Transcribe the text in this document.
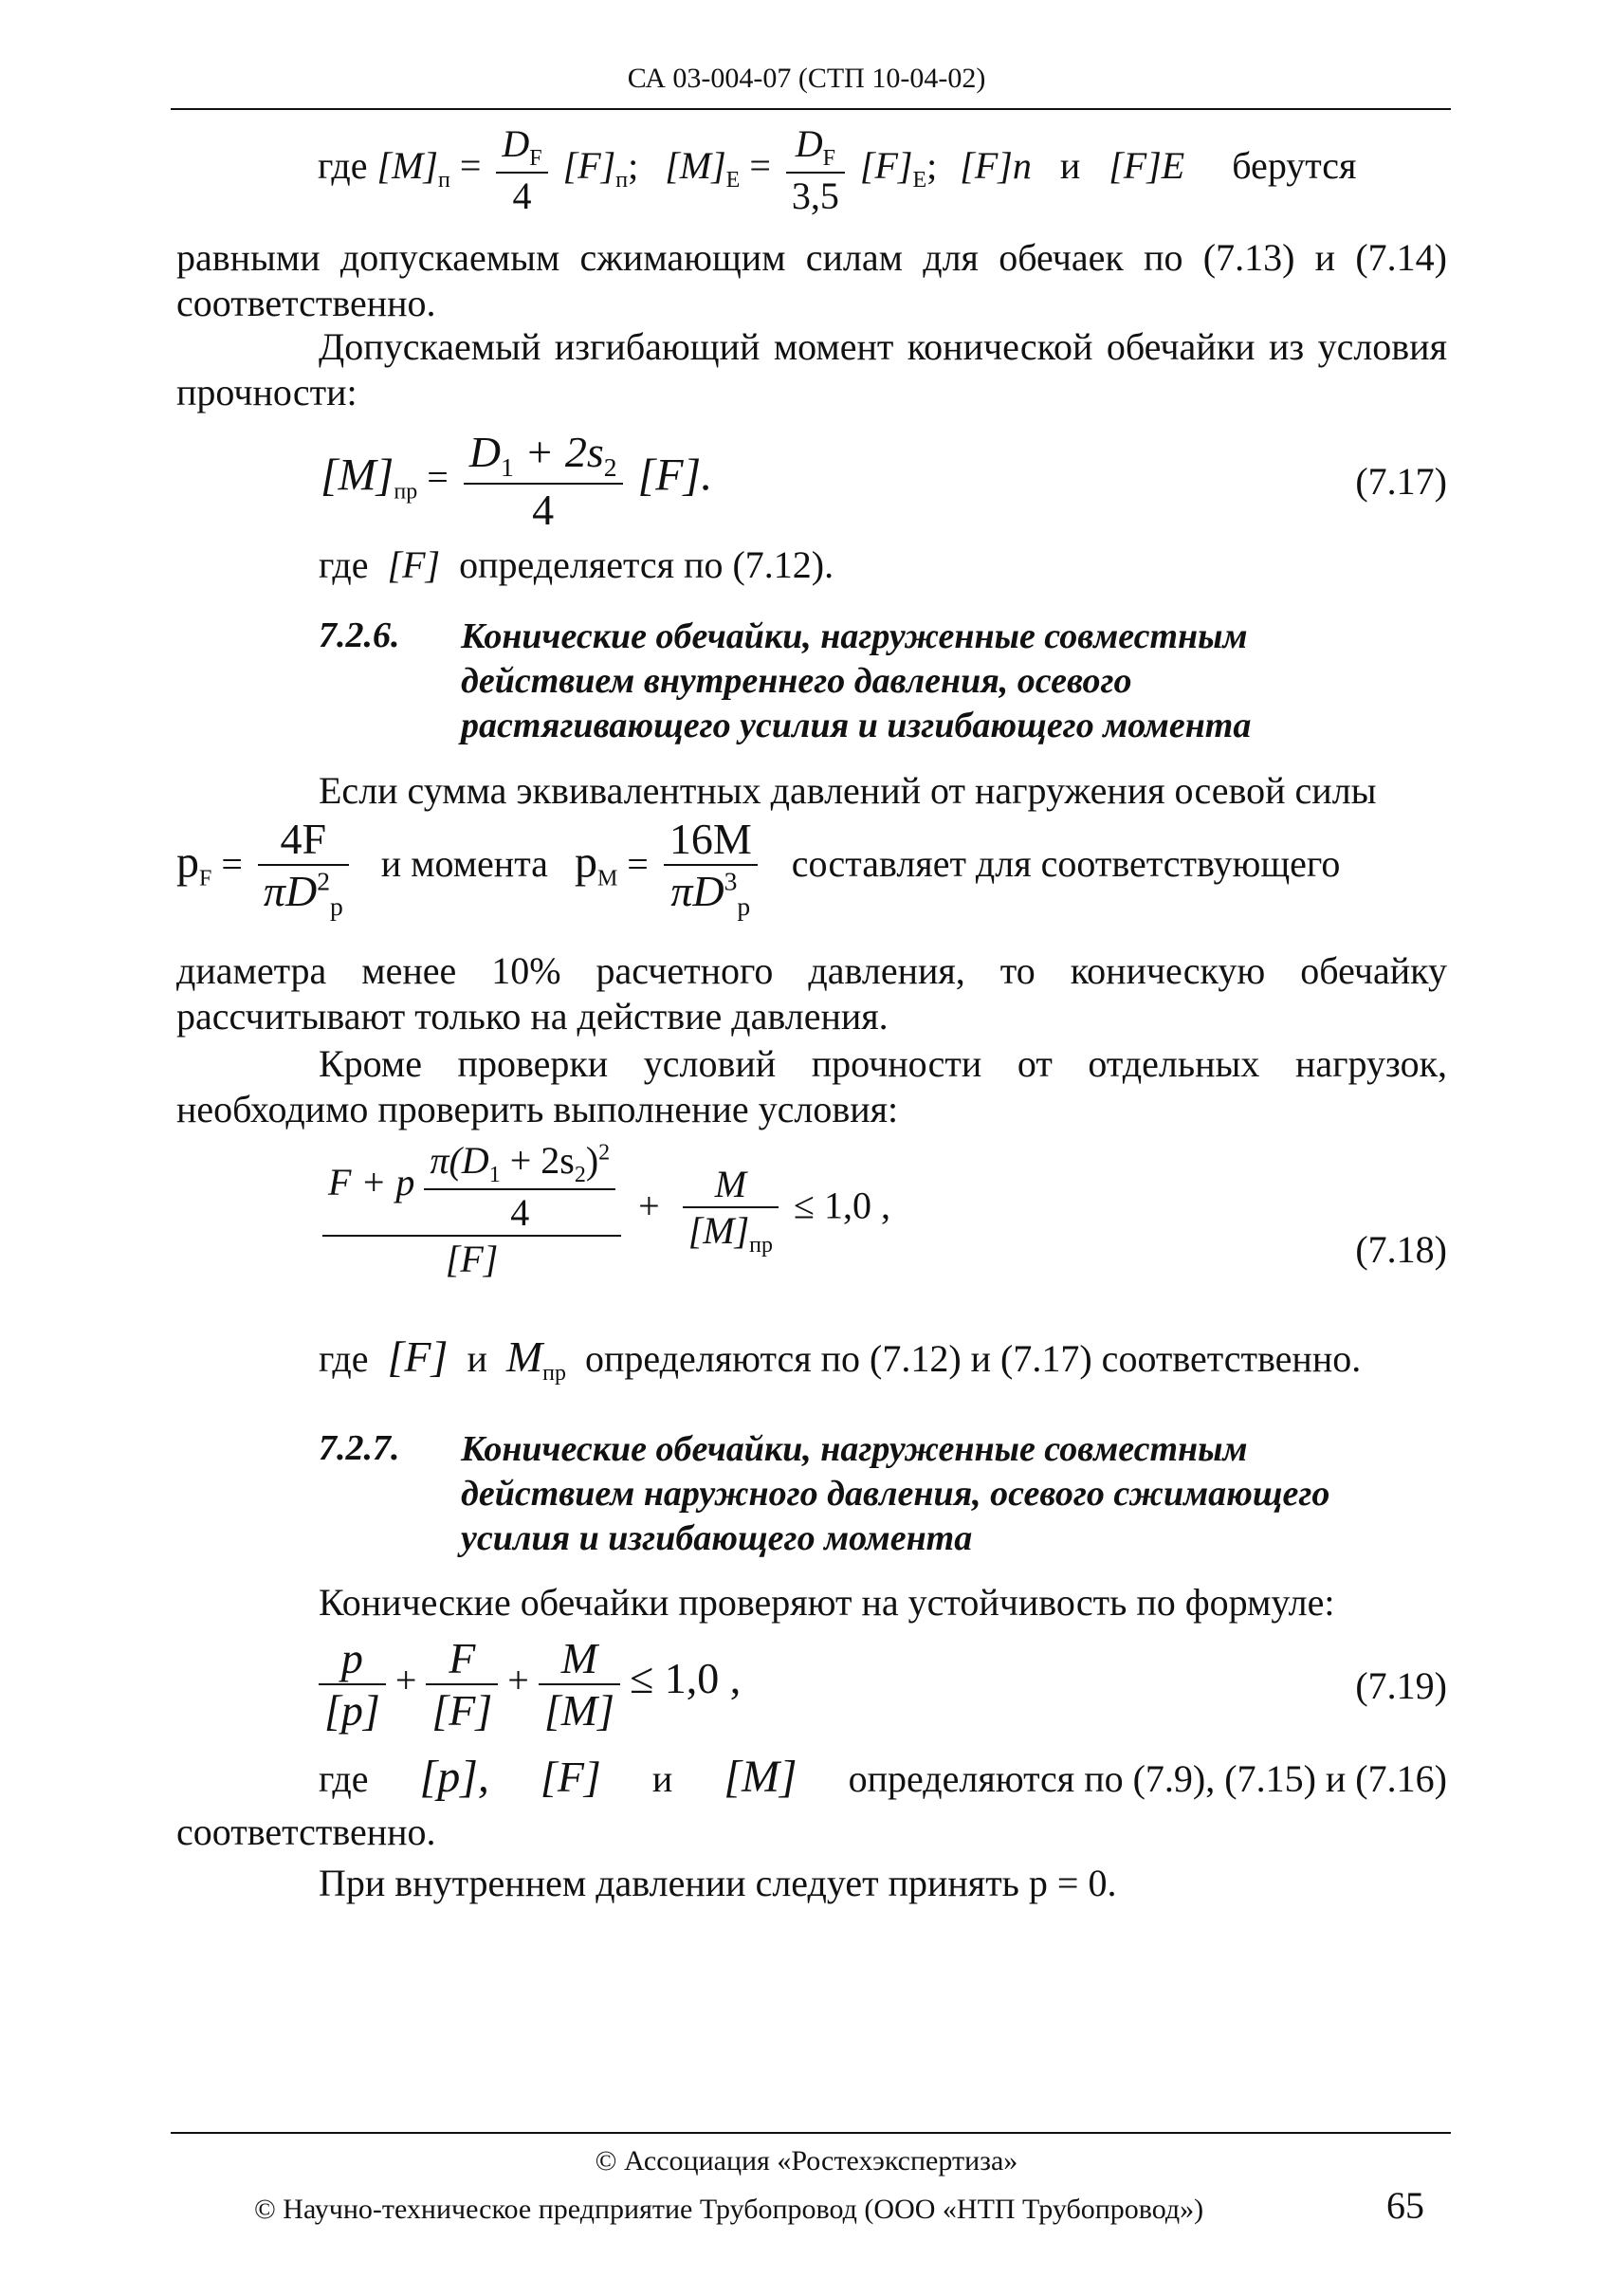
СА 03-004-07 (СТП 10-04-02)
где $[M]_п = \frac{D_F}{4} [F]_п$; $[M]_E = \frac{D_F}{3,5} [F]_E$; [F]п и [F]E берутся
равными допускаемым сжимающим силам для обечаек по (7.13) и (7.14) соответственно.
Допускаемый изгибающий момент конической обечайки из условия прочности:
$[M]_{пр} = \frac{D_1 + 2s_2}{4} [F]$.	(7.17)
где [F] определяется по (7.12).
7.2.6. Конические обечайки, нагруженные совместным действием внутреннего давления, осевого растягивающего усилия и изгибающего момента
Если сумма эквивалентных давлений от нагружения осевой силы
$p_F = \frac{4F}{\pi D^2_p}$ и момента $p_M = \frac{16M}{\pi D^3_p}$ составляет для соответствующего
диаметра менее 10% расчетного давления, то коническую обечайку рассчитывают только на действие давления.
Кроме проверки условий прочности от отдельных нагрузок, необходимо проверить выполнение условия:
$\frac{F + p \frac{\pi(D_1 + 2s_2)^2}{4}}{[F]} + \frac{M}{[M]_{пр}} \le 1,0$ ,
(7.18)
где [F] и $M_{пр}$ определяются по (7.12) и (7.17) соответственно.
7.2.7. Конические обечайки, нагруженные совместным действием наружного давления, осевого сжимающего усилия и изгибающего момента
Конические обечайки проверяют на устойчивость по формуле:
$\frac{p}{[p]} + \frac{F}{[F]} + \frac{M}{[M]} \le 1,0$ ,	(7.19)
где [p], [F] и [M] определяются по (7.9), (7.15) и (7.16)
соответственно.
При внутреннем давлении следует принять p = 0.
© Ассоциация «Ростехэкспертиза»
© Научно-техническое предприятие Трубопровод (ООО «НТП Трубопровод»)	65
